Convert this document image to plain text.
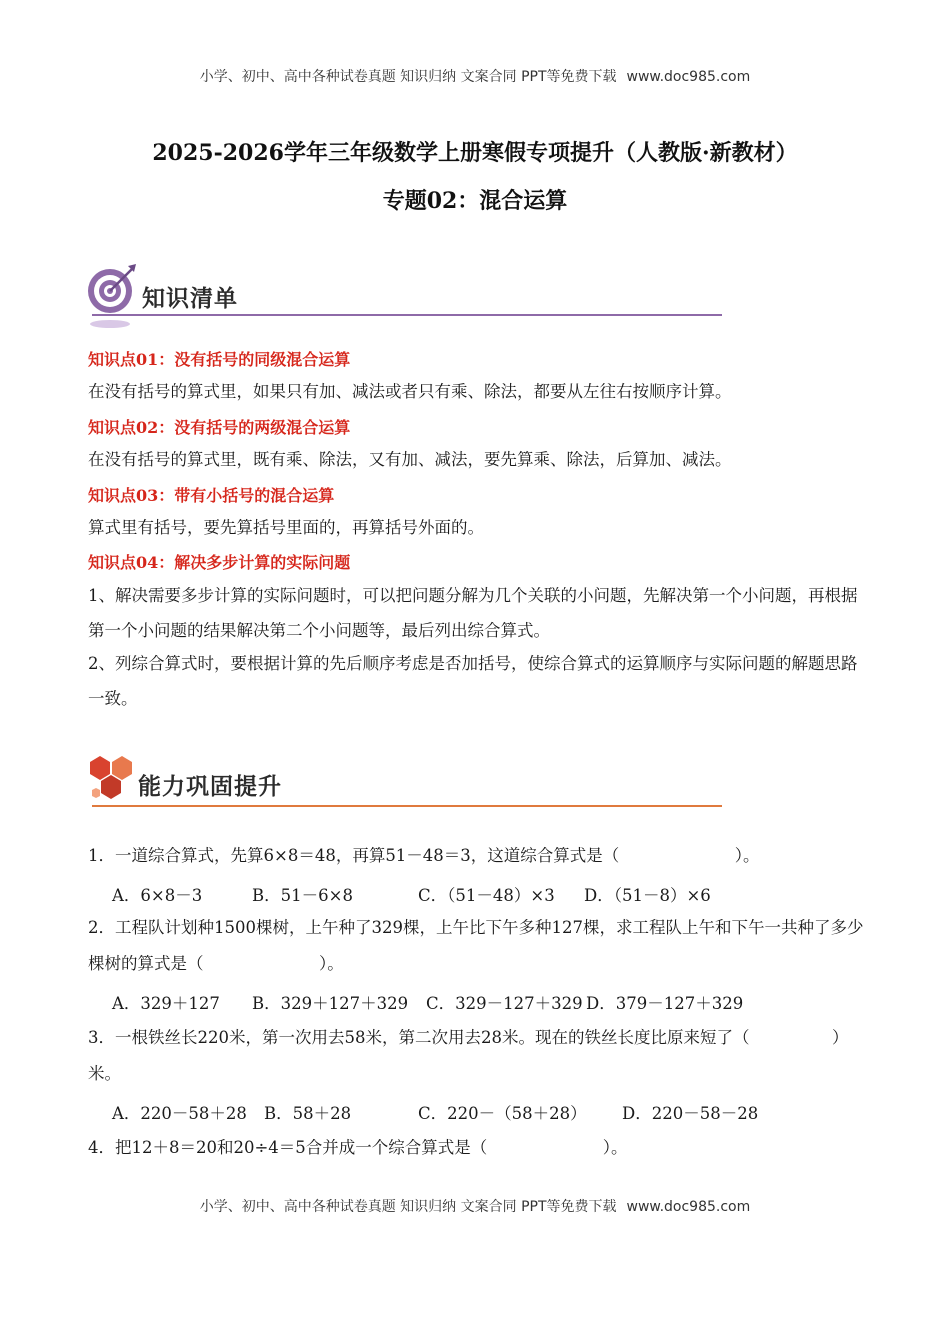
小学、初中、高中各种试卷真题 知识归纳 文案合同 PPT等免费下载 www.doc985.com
2025-2026学年三年级数学上册寒假专项提升（人教版·新教材）
专题02：混合运算
知识清单
知识点01：没有括号的同级混合运算
在没有括号的算式里，如果只有加、减法或者只有乘、除法，都要从左往右按顺序计算。
知识点02：没有括号的两级混合运算
在没有括号的算式里，既有乘、除法，又有加、减法，要先算乘、除法，后算加、减法。
知识点03：带有小括号的混合运算
算式里有括号，要先算括号里面的，再算括号外面的。
知识点04：解决多步计算的实际问题
1、解决需要多步计算的实际问题时，可以把问题分解为几个关联的小问题，先解决第一个小问题，再根据第一个小问题的结果解决第二个小问题等，最后列出综合算式。
2、列综合算式时，要根据计算的先后顺序考虑是否加括号，使综合算式的运算顺序与实际问题的解题思路一致。
能力巩固提升
1．一道综合算式，先算6×8＝48，再算51－48＝3，这道综合算式是（　　　　　　　）。
A．6×8－3	B．51－6×8	C．（51－48）×3 D．（51－8）×6
2．工程队计划种1500棵树，上午种了329棵，上午比下午多种127棵，求工程队上午和下午一共种了多少棵树的算式是（　　　　　　　）。
A．329＋127 B．329＋127＋329 C．329－127＋329 D．379－127＋329
3．一根铁丝长220米，第一次用去58米，第二次用去28米。现在的铁丝长度比原来短了（　　　　　）米。
A．220－58＋28 B．58＋28	C．220－（58＋28） D．220－58－28
4．把12＋8＝20和20÷4＝5合并成一个综合算式是（　　　　　　　）。
小学、初中、高中各种试卷真题 知识归纳 文案合同 PPT等免费下载 www.doc985.com
